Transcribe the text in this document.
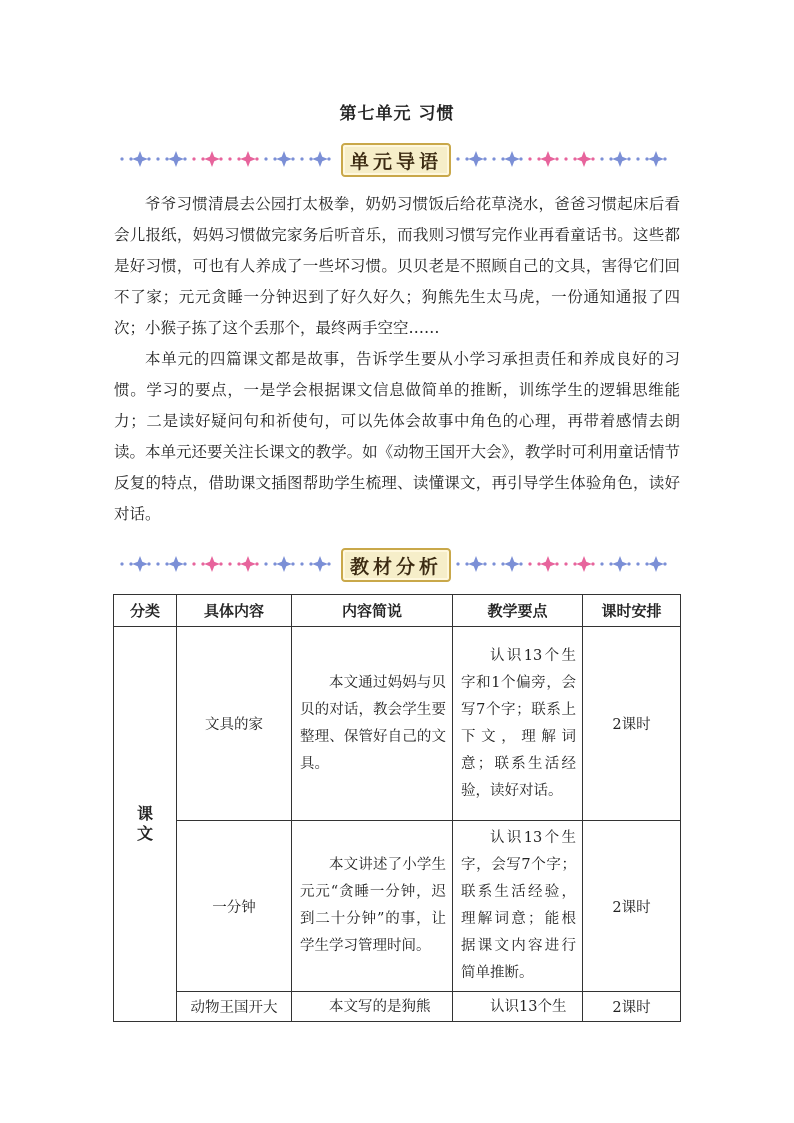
第七单元 习惯
单元导语

爷爷习惯清晨去公园打太极拳，奶奶习惯饭后给花草浇水，爸爸习惯起床后看会儿报纸，妈妈习惯做完家务后听音乐，而我则习惯写完作业再看童话书。这些都是好习惯，可也有人养成了一些坏习惯。贝贝老是不照顾自己的文具，害得它们回不了家；元元贪睡一分钟迟到了好久好久；狗熊先生太马虎，一份通知通报了四次；小猴子拣了这个丢那个，最终两手空空……

本单元的四篇课文都是故事，告诉学生要从小学习承担责任和养成良好的习惯。学习的要点，一是学会根据课文信息做简单的推断，训练学生的逻辑思维能力；二是读好疑问句和祈使句，可以先体会故事中角色的心理，再带着感情去朗读。本单元还要关注长课文的教学。如《动物王国开大会》，教学时可利用童话情节反复的特点，借助课文插图帮助学生梳理、读懂课文，再引导学生体验角色，读好对话。

教材分析
分类	具体内容	内容简说	教学要点	课时安排

课文	文具的家	本文通过妈妈与贝贝的对话，教会学生要整理、保管好自己的文具。	认识13个生字和1个偏旁，会写7个字；联系上下文，理解词意；联系生活经验，读好对话。	2课时
	一分钟	本文讲述了小学生元元“贪睡一分钟，迟到二十分钟”的事，让学生学习管理时间。	认识13个生字，会写7个字；联系生活经验，理解词意；能根据课文内容进行简单推断。	2课时
	动物王国开大	本文写的是狗熊	认识13个生	2课时
